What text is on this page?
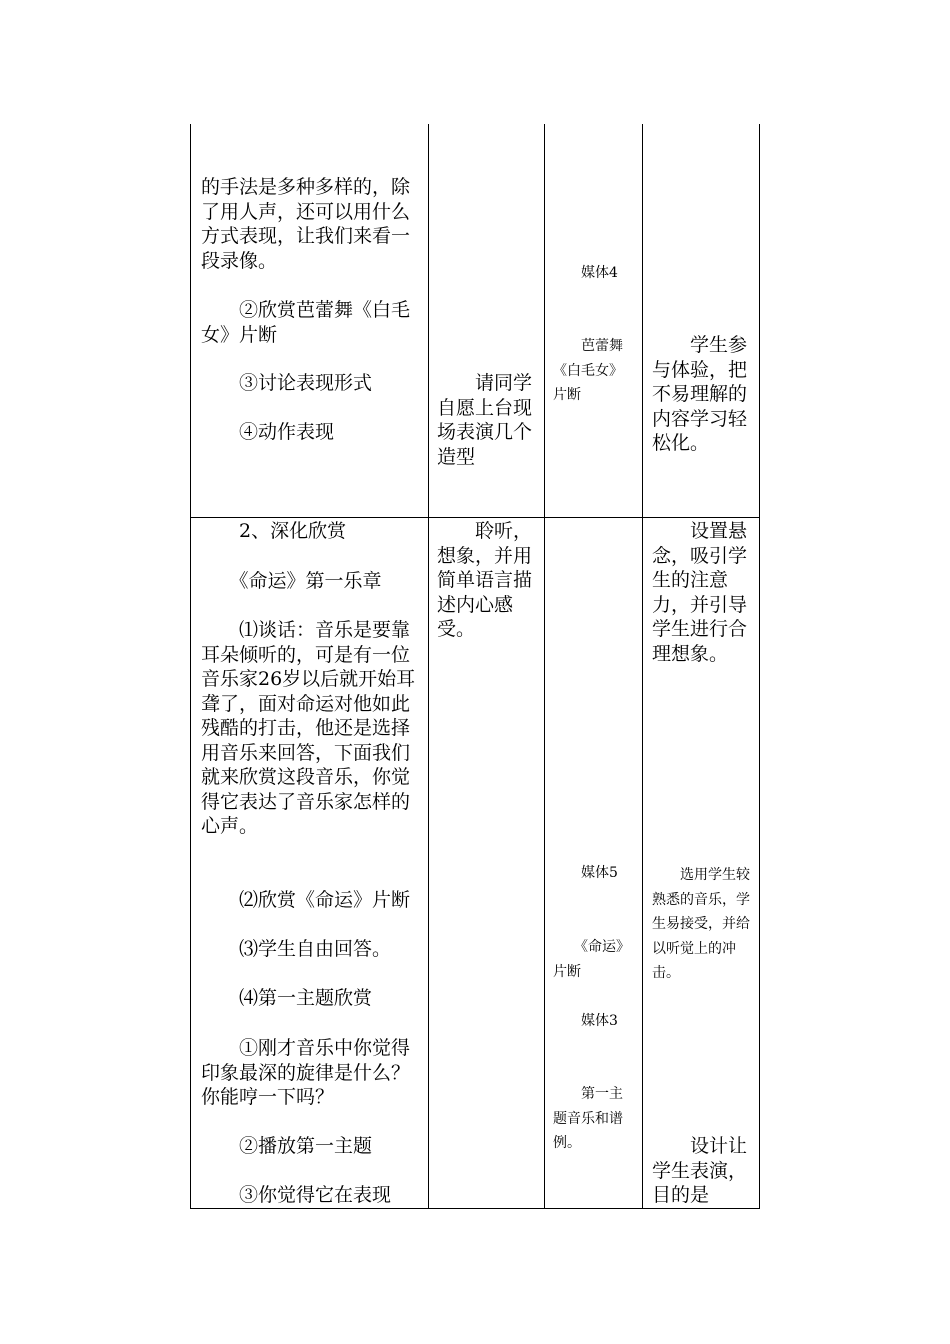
的手法是多种多样的，除了用人声，还可以用什么方式表现，让我们来看一段录像。

　　②欣赏芭蕾舞《白毛女》片断

　　③讨论表现形式

　　④动作表现

　　请同学自愿上台现场表演几个造型

　　媒体4

　　芭蕾舞《白毛女》片断

　　学生参与体验，把不易理解的内容学习轻松化。

　　2、深化欣赏

　　《命运》第一乐章

　　⑴谈话：音乐是要靠耳朵倾听的，可是有一位音乐家26岁以后就开始耳聋了，面对命运对他如此残酷的打击，他还是选择用音乐来回答，下面我们就来欣赏这段音乐，你觉得它表达了音乐家怎样的心声。

　　⑵欣赏《命运》片断

　　⑶学生自由回答。

　　⑷第一主题欣赏

　　①刚才音乐中你觉得印象最深的旋律是什么？你能哼一下吗？

　　②播放第一主题

　　③你觉得它在表现

　　聆听，想象，并用简单语言描述内心感受。

　　媒体5

　　《命运》片断

　　媒体3

　　第一主题音乐和谱例。

　　设置悬念，吸引学生的注意力，并引导学生进行合理想象。

　　选用学生较熟悉的音乐，学生易接受，并给以听觉上的冲击。

　　设计让学生表演，目的是
